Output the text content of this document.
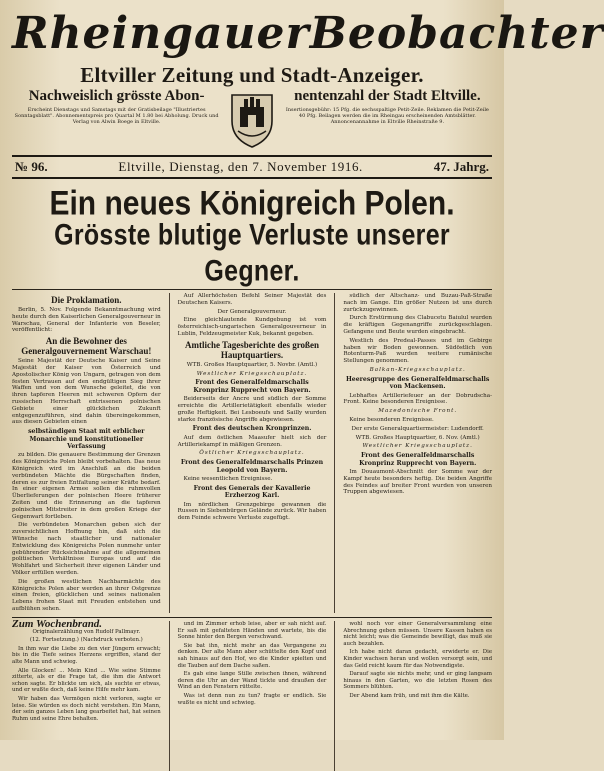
Rheingauer Beobachter
Eltviller Zeitung und Stadt-Anzeiger.
Nachweislich grösste Abon-
Erscheint Dienstags und Samstags mit der Gratisbeilage "Illustriertes Sonntagsblatt". Abonnementspreis pro Quartal M 1.80 bei Abholung. Druck und Verlag von Alwin Boege in Eltville.
nentenzahl der Stadt Eltville.
Insertionsgebühr: 15 Pfg. die sechsspaltige Petit-Zeile. Reklamen die Petit-Zeile 40 Pfg. Beilagen werden die im Rheingau erscheinenden Amtsblätter. Annoncenannahme in Eltville Rheinstraße 9.
№ 96.	Eltville, Dienstag, den 7. November 1916.	47. Jahrg.
Ein neues Königreich Polen.
Grösste blutige Verluste unserer Gegner.
Die Proklamation.

Berlin, 5. Nov. Folgende Bekanntmachung wird heute durch den Kaiserlichen Generalgouverneur in Warschau, General der Infanterie von Beseler, veröffentlicht:

An die Bewohner des Generalgouvernement Warschau!

Seine Majestät der Deutsche Kaiser und Seine Majestät der Kaiser von Österreich und Apostolischer König von Ungarn, getragen von dem festen Vertrauen auf den endgültigen Sieg ihrer Waffen und von dem Wunsche geleitet, die von ihren tapferen Heeren mit schweren Opfern der russischen Herrschaft entrissenen polnischen Gebiete einer glücklichen Zukunft entgegenzuführen, sind dahin übereingekommen, aus diesen Gebieten einen

selbständigen Staat mit erblicher Monarchie und konstitutioneller Verfassung

zu bilden. Die genauere Bestimmung der Grenzen des Königreichs Polen bleibt vorbehalten. Das neue Königreich wird im Anschluß an die beiden verbündeten Mächte die Bürgschaften finden, deren es zur freien Entfaltung seiner Kräfte bedarf. In einer eigenen Armee sollen die ruhmvollen Überlieferungen der polnischen Heere früherer Zeiten und die Erinnerung an die tapferen polnischen Mitstreiter in dem großen Kriege der Gegenwart fortleben.

Die verbündeten Monarchen geben sich der zuversichtlichen Hoffnung hin, daß sich die Wünsche nach staatlicher und nationaler Entwicklung des Königreichs Polen nunmehr unter gebührender Rücksichtnahme auf die allgemeinen politischen Verhältnisse Europas und auf die Wohlfahrt und Sicherheit ihrer eigenen Länder und Völker erfüllen werden.

Die großen westlichen Nachbarmächte des Königreichs Polen aber werden an ihrer Ostgrenze einen freien, glücklichen und seines nationalen Lebens frohen Staat mit Freuden entstehen und aufblühen sehen.

Auf Allerhöchsten Befehl Seiner Majestät des Deutschen Kaisers.

Der Generalgouverneur.

Eine gleichlautende Kundgebung ist vom österreichisch-ungarischen Generalgouverneur in Lublin, Feldzeugmeister Kuk, bekannt gegeben.

Amtliche Tagesberichte des großen Hauptquartiers.

WTB. Großes Hauptquartier, 5. Novbr. (Amtl.)

Westlicher Kriegsschauplatz.

Front des Generalfeldmarschalls Kronprinz Rupprecht von Bayern.

Beiderseits der Ancre und südlich der Somme erreichte die Artillerietätigkeit ebenfalls wieder große Heftigkeit. Bei Lesboeufs und Sailly wurden starke französische Angriffe abgewiesen.

Front des deutschen Kronprinzen.

Auf dem östlichen Maasufer hielt sich der Artilleriekampf in mäßigen Grenzen.

Östlicher Kriegsschauplatz.

Front des Generalfeldmarschalls Prinzen Leopold von Bayern.

Keine wesentlichen Ereignisse.

Front des Generals der Kavallerie Erzherzog Karl.

Im nördlichen Grenzgebirge gewannen die Russen in Siebenbürgen Gelände zurück. Wir haben dem Feinde schwere Verluste zugefügt.

südlich der Altschanz- und Buzau-Paß-Straße nach im Gange. Ein größer Nutzen ist uns durch zurückzugewinnen.

Durch Erstürmung des Clabucetu Baiulul wurden die kräftigen Gegenangriffe zurückgeschlagen. Gefangene und Beute wurden eingebracht.

Westlich des Predeal-Passes und im Gebirge haben wir Boden gewonnen. Südöstlich von Rotenturm-Paß wurden weitere rumänische Stellungen genommen.

Balkan-Kriegsschauplatz.

Heeresgruppe des Generalfeldmarschalls von Mackensen.

Lebhaftes Artilleriefeuer an der Dobrudscha-Front. Keine besonderen Ereignisse.

Mazedonische Front.

Keine besonderen Ereignisse.

Der erste Generalquartiermeister: Ludendorff.

WTB. Großes Hauptquartier, 6. Nov. (Amtl.)

Westlicher Kriegsschauplatz.

Front des Generalfeldmarschalls Kronprinz Rupprecht von Bayern.

Im Douaumont-Abschnitt der Somme war der Kampf heute besonders heftig. Die beiden Angriffe des Feindes auf breiter Front wurden von unseren Truppen abgewiesen.

Zum Wochenbrand.
Originalerzählung von Rudolf Pallmayr.
(12. Fortsetzung.) (Nachdruck verboten.)

In ihm war die Liebe zu den vier Jüngern erwacht; bis in die Tiefe seines Herzens ergriffen, stand der alte Mann und schwieg.

Alle Glocken! ... Mein Kind ... Wie seine Stimme zitterte, als er die Frage tat, die ihm die Antwort schon sagte. Er blickte um sich, als suchte er etwas, und er wußte doch, daß keine Hilfe mehr kam.

Wir haben das Vermögen nicht verloren, sagte er leise. Sie würden es doch nicht verstehen. Ein Mann, der sein ganzes Leben lang gearbeitet hat, hat seinen Ruhm und seine Ehre behalten.

und im Zimmer erhob leise, aber er sah nicht auf. Er saß mit gefalteten Händen und wartete, bis die Sonne hinter den Bergen verschwand.

Sie bat ihn, nicht mehr an das Vergangene zu denken. Der alte Mann aber schüttelte den Kopf und sah hinaus auf den Hof, wo die Kinder spielten und die Tauben auf dem Dache saßen.

Es gab eine lange Stille zwischen ihnen, während deren die Uhr an der Wand tickte und draußen der Wind an den Fenstern rüttelte.

Was ist denn nun zu tun? fragte er endlich. Sie wußte es nicht und schwieg.

wohl noch vor einer Generalversammlung eine Abrechnung geben müssen. Unsere Kassen haben es nicht leicht; was die Gemeinde bewilligt, das muß sie auch bezahlen.

Ich habe nicht daran gedacht, erwiderte er. Die Kinder wachsen heran und wollen versorgt sein, und das Geld reicht kaum für das Notwendigste.

Darauf sagte sie nichts mehr, und er ging langsam hinaus in den Garten, wo die letzten Rosen des Sommers blühten.

Der Abend kam früh, und mit ihm die Kälte.
